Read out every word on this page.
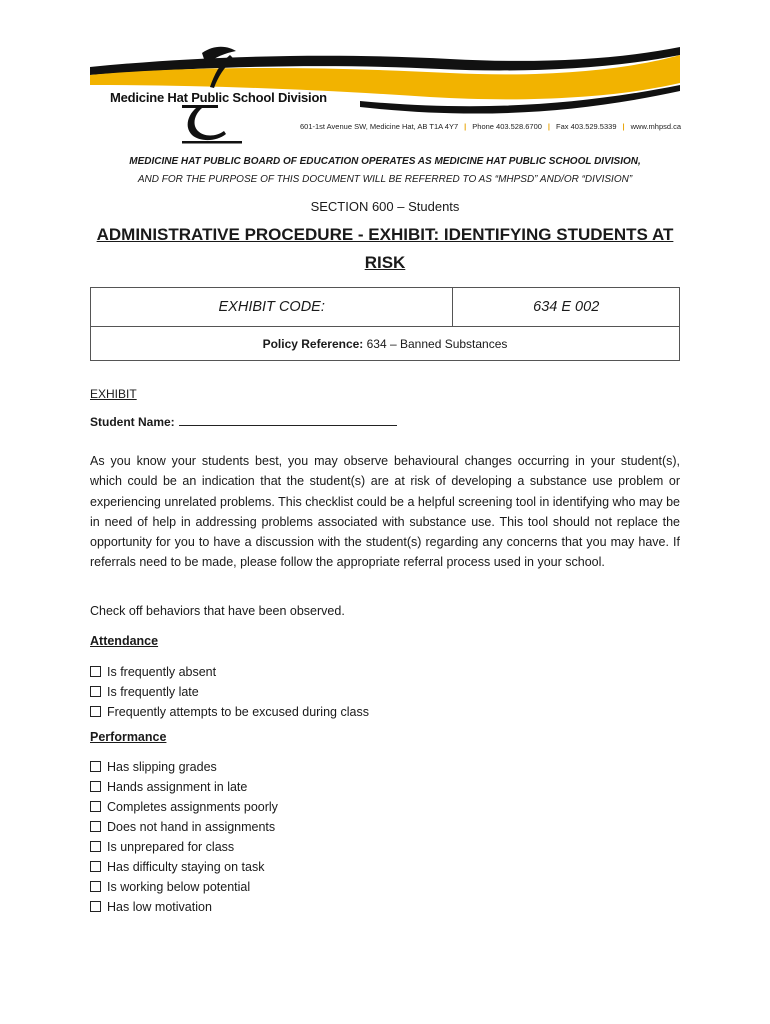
Medicine Hat Public School Division
601-1st Avenue SW, Medicine Hat, AB T1A 4Y7 | Phone 403.528.6700 | Fax 403.529.5339 | www.mhpsd.ca
MEDICINE HAT PUBLIC BOARD OF EDUCATION OPERATES AS MEDICINE HAT PUBLIC SCHOOL DIVISION,
AND FOR THE PURPOSE OF THIS DOCUMENT WILL BE REFERRED TO AS “MHPSD” AND/OR “DIVISION”
SECTION 600 – Students
ADMINISTRATIVE PROCEDURE - EXHIBIT: IDENTIFYING STUDENTS AT RISK
EXHIBIT CODE:	634 E 002
Policy Reference: 634 – Banned Substances
EXHIBIT
Student Name:
As you know your students best, you may observe behavioural changes occurring in your student(s), which could be an indication that the student(s) are at risk of developing a substance use problem or experiencing unrelated problems. This checklist could be a helpful screening tool in identifying who may be in need of help in addressing problems associated with substance use. This tool should not replace the opportunity for you to have a discussion with the student(s) regarding any concerns that you may have. If referrals need to be made, please follow the appropriate referral process used in your school.
Check off behaviors that have been observed.
Attendance
Is frequently absent
Is frequently late
Frequently attempts to be excused during class
Performance
Has slipping grades
Hands assignment in late
Completes assignments poorly
Does not hand in assignments
Is unprepared for class
Has difficulty staying on task
Is working below potential
Has low motivation
